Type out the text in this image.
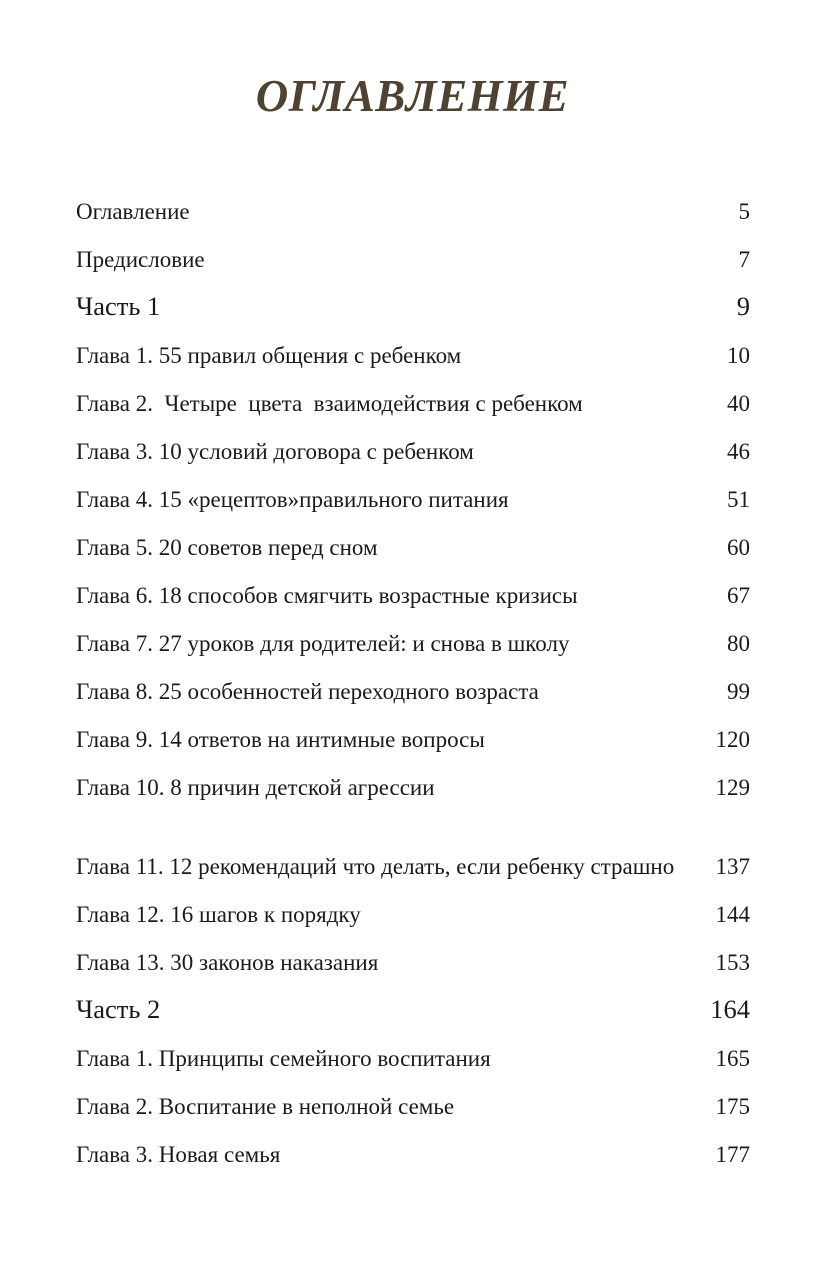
ОГЛАВЛЕНИЕ
Оглавление	5
Предисловие	7
Часть 1	9
Глава 1. 55 правил общения с ребенком	10
Глава 2.  Четыре  цвета  взаимодействия с ребенком	40
Глава 3. 10 условий договора с ребенком	46
Глава 4. 15 «рецептов»правильного питания	51
Глава 5. 20 советов перед сном	60
Глава 6. 18 способов смягчить возрастные кризисы	67
Глава 7. 27 уроков для родителей: и снова в школу	80
Глава 8. 25 особенностей переходного возраста	99
Глава 9. 14 ответов на интимные вопросы	120
Глава 10. 8 причин детской агрессии	129
Глава 11. 12 рекомендаций что делать, если ребенку страшно	137
Глава 12. 16 шагов к порядку	144
Глава 13. 30 законов наказания	153
Часть 2	164
Глава 1. Принципы семейного воспитания	165
Глава 2. Воспитание в неполной семье	175
Глава 3. Новая семья	177
